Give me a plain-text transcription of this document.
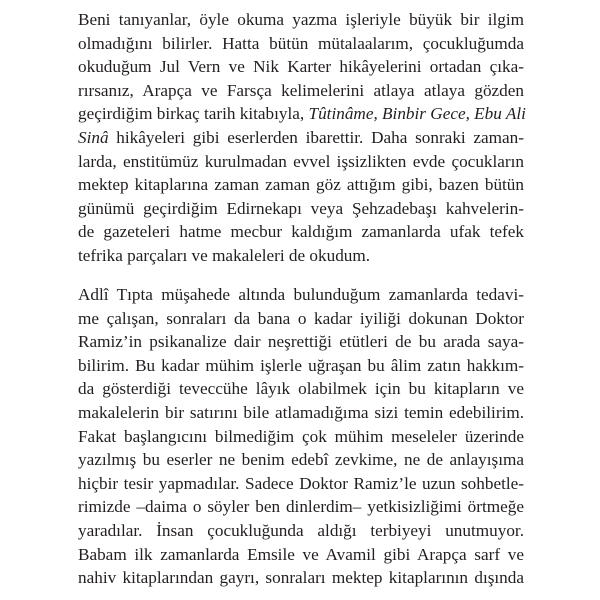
Beni tanıyanlar, öyle okuma yazma işleriyle büyük bir ilgim
olmadığını bilirler. Hatta bütün mütalaalarım, çocukluğumda
okuduğum Jul Vern ve Nik Karter hikâyelerini ortadan çıka-
rırsanız, Arapça ve Farsça kelimelerini atlaya atlaya gözden
geçirdiğim birkaç tarih kitabıyla, Tûtinâme, Binbir Gece, Ebu Ali
Sinâ hikâyeleri gibi eserlerden ibarettir. Daha sonraki zaman-
larda, enstitümüz kurulmadan evvel işsizlikten evde çocukların
mektep kitaplarına zaman zaman göz attığım gibi, bazen bütün
günümü geçirdiğim Edirnekapı veya Şehzadebaşı kahvelerin-
de gazeteleri hatme mecbur kaldığım zamanlarda ufak tefek
tefrika parçaları ve makaleleri de okudum.
Adlî Tıpta müşahede altında bulunduğum zamanlarda tedavi-
me çalışan, sonraları da bana o kadar iyiliği dokunan Doktor
Ramiz’in psikanalize dair neşrettiği etütleri de bu arada saya-
bilirim. Bu kadar mühim işlerle uğraşan bu âlim zatın hakkım-
da gösterdiği teveccühe lâyık olabilmek için bu kitapların ve
makalelerin bir satırını bile atlamadığıma sizi temin edebilirim.
Fakat başlangıcını bilmediğim çok mühim meseleler üzerinde
yazılmış bu eserler ne benim edebî zevkime, ne de anlayışıma
hiçbir tesir yapmadılar. Sadece Doktor Ramiz’le uzun sohbetle-
rimizde –daima o söyler ben dinlerdim– yetkisizliğimi örtmeğe
yaradılar. İnsan çocukluğunda aldığı terbiyeyi unutmuyor.
Babam ilk zamanlarda Emsile ve Avamil gibi Arapça sarf ve
nahiv kitaplarından gayrı, sonraları mektep kitaplarının dışında
